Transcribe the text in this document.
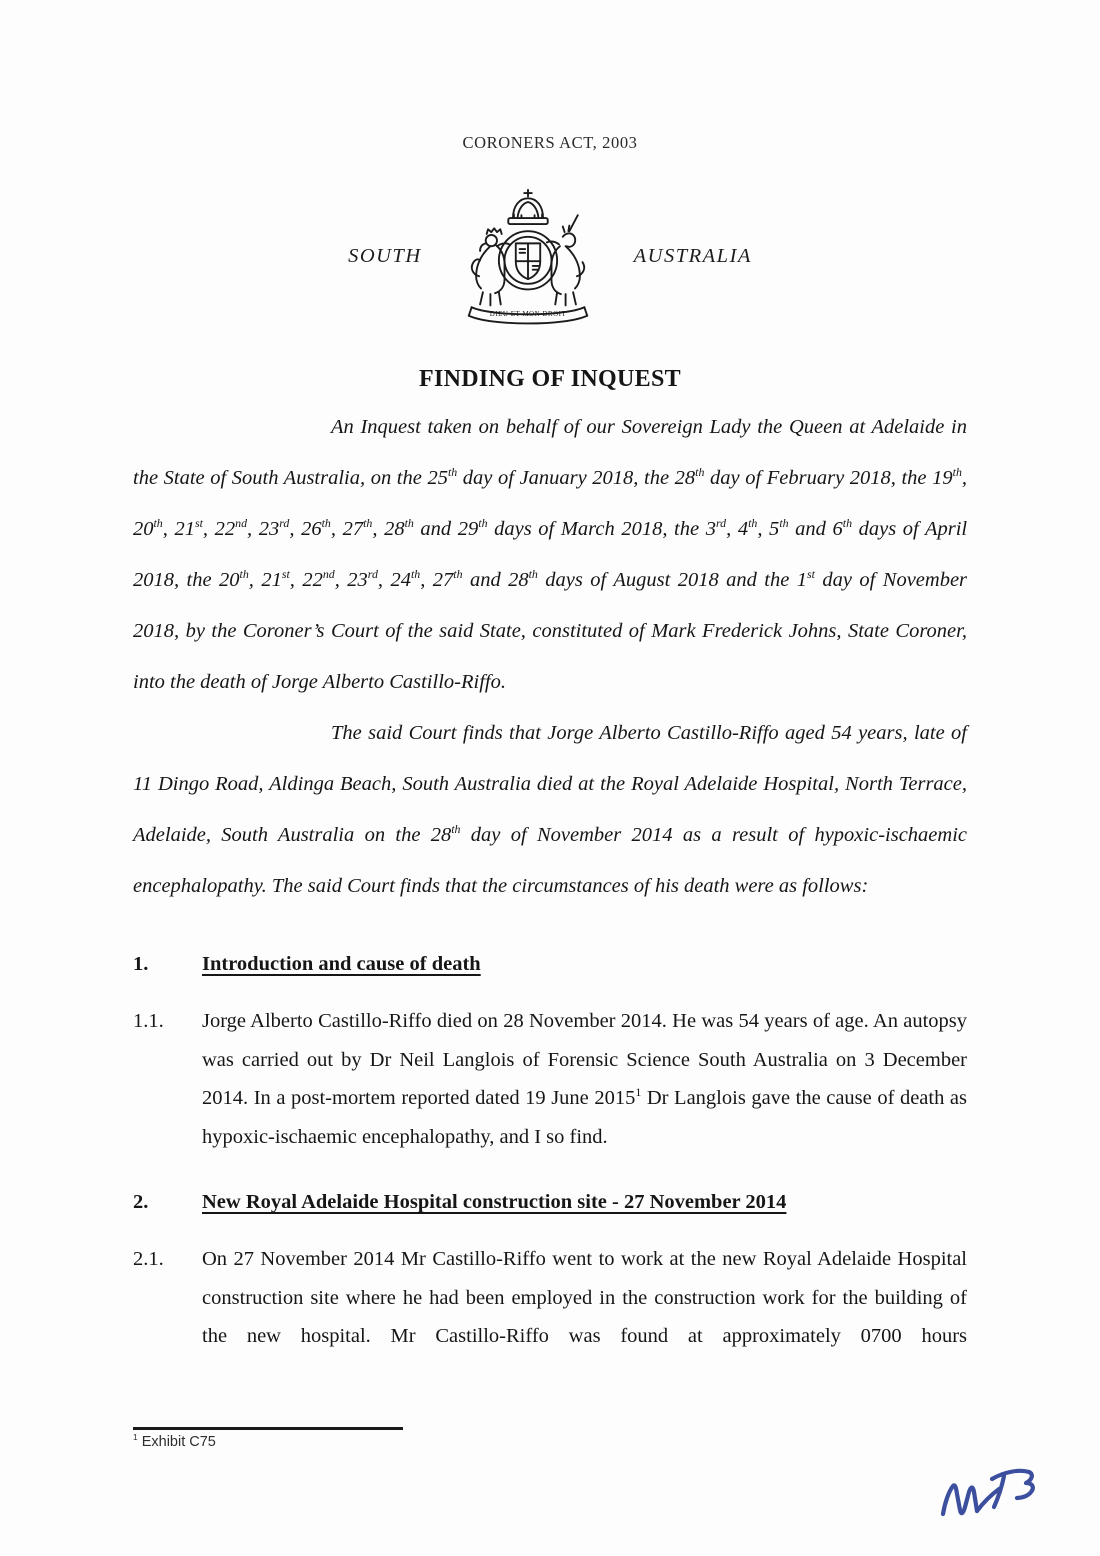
CORONERS ACT, 2003
SOUTH
DIEU ET MON DROIT
AUSTRALIA
FINDING OF INQUEST

An Inquest taken on behalf of our Sovereign Lady the Queen at Adelaide in the State of South Australia, on the 25th day of January 2018, the 28th day of February 2018, the 19th, 20th, 21st, 22nd, 23rd, 26th, 27th, 28th and 29th days of March 2018, the 3rd, 4th, 5th and 6th days of April 2018, the 20th, 21st, 22nd, 23rd, 24th, 27th and 28th days of August 2018 and the 1st day of November 2018, by the Coroner’s Court of the said State, constituted of Mark Frederick Johns, State Coroner, into the death of Jorge Alberto Castillo-Riffo.

The said Court finds that Jorge Alberto Castillo-Riffo aged 54 years, late of 11 Dingo Road, Aldinga Beach, South Australia died at the Royal Adelaide Hospital, North Terrace, Adelaide, South Australia on the 28th day of November 2014 as a result of hypoxic-ischaemic encephalopathy. The said Court finds that the circumstances of his death were as follows:

1.	Introduction and cause of death
1.1.	Jorge Alberto Castillo-Riffo died on 28 November 2014. He was 54 years of age. An autopsy was carried out by Dr Neil Langlois of Forensic Science South Australia on 3 December 2014. In a post-mortem reported dated 19 June 2015$^1$ Dr Langlois gave the cause of death as hypoxic-ischaemic encephalopathy, and I so find.
2.	New Royal Adelaide Hospital construction site - 27 November 2014
2.1.	On 27 November 2014 Mr Castillo-Riffo went to work at the new Royal Adelaide Hospital construction site where he had been employed in the construction work for the building of the new hospital. Mr Castillo-Riffo was found at approximately 0700 hours
$^1$ Exhibit C75
